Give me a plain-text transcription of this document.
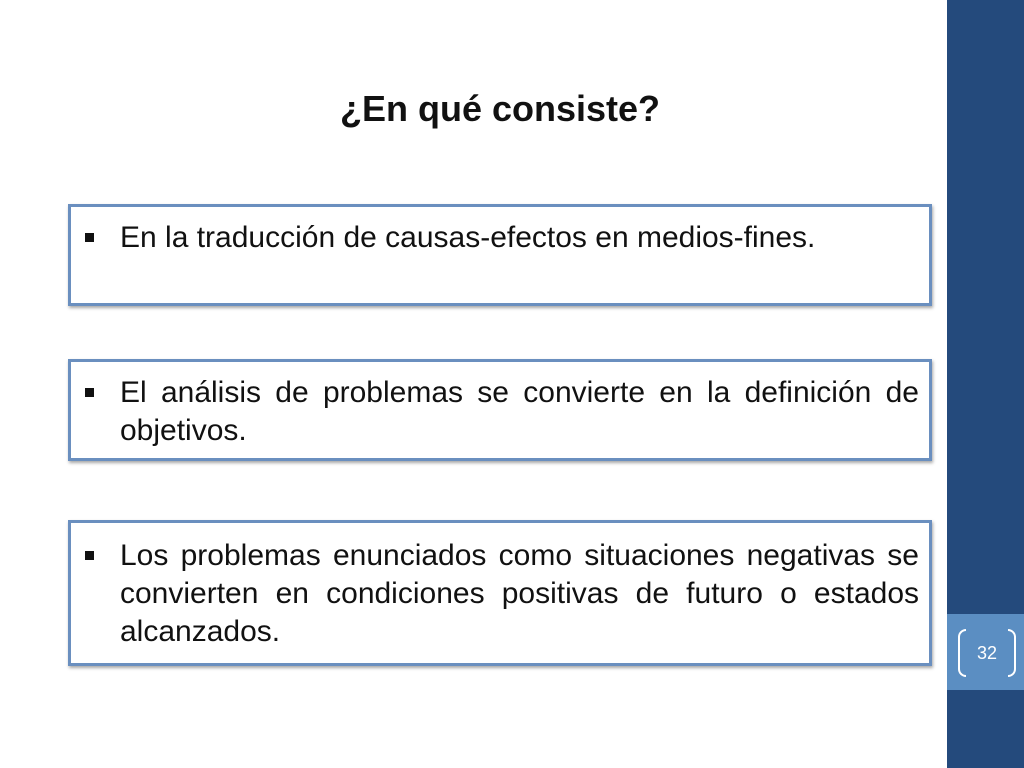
32
¿En qué consiste?

En la traducción de causas-efectos en medios-fines.

El análisis de problemas se convierte en la definición de objetivos.

Los problemas enunciados como situaciones negativas se convierten en condiciones positivas de futuro o estados alcanzados.
